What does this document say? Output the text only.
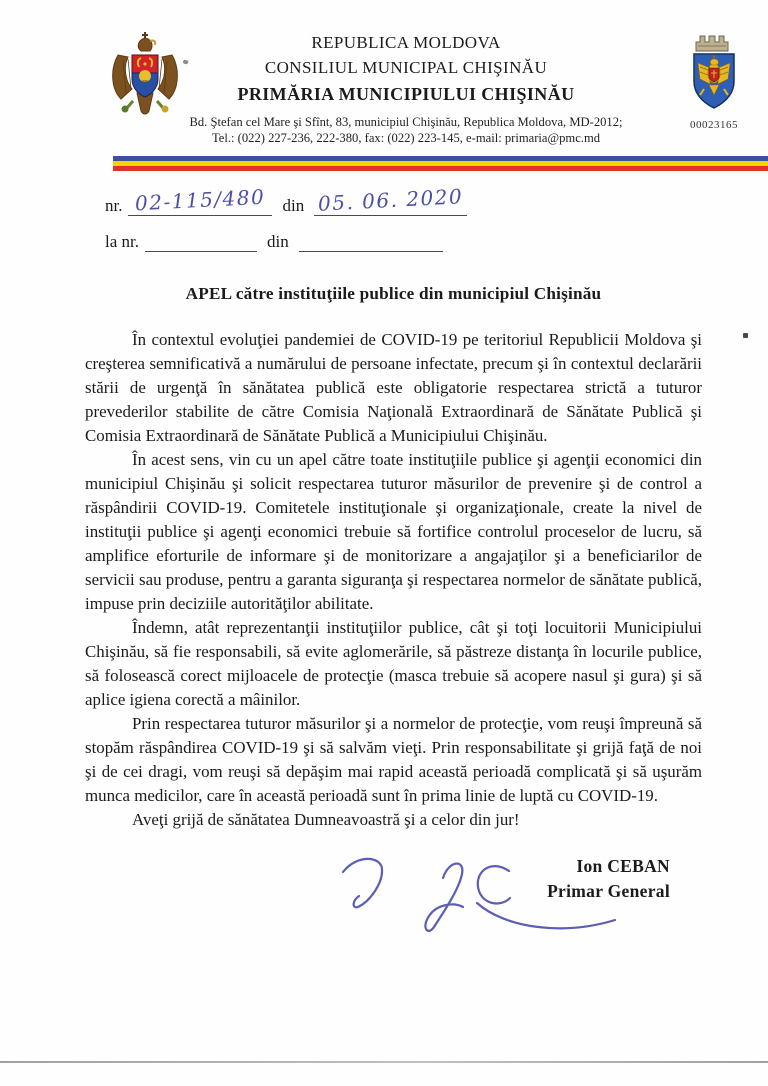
REPUBLICA MOLDOVA
CONSILIUL MUNICIPAL CHIŞINĂU
PRIMĂRIA MUNICIPIULUI CHIŞINĂU
Bd. Ştefan cel Mare şi Sfînt, 83, municipiul Chişinău, Republica Moldova, MD-2012;
Tel.: (022) 227-236, 222-380, fax: (022) 223-145, e-mail: primaria@pmc.md
00023165
nr. 02-115/480 din 05. 06. 2020
la nr.	din
APEL către instituţiile publice din municipiul Chişinău

În contextul evoluţiei pandemiei de COVID-19 pe teritoriul Republicii Moldova şi creşterea semnificativă a numărului de persoane infectate, precum şi în contextul declarării stării de urgenţă în sănătatea publică este obligatorie respectarea strictă a tuturor prevederilor stabilite de către Comisia Naţională Extraordinară de Sănătate Publică şi Comisia Extraordinară de Sănătate Publică a Municipiului Chişinău.

În acest sens, vin cu un apel către toate instituţiile publice şi agenţii economici din municipiul Chişinău şi solicit respectarea tuturor măsurilor de prevenire şi de control a răspândirii COVID-19. Comitetele instituţionale şi organizaţionale, create la nivel de instituţii publice şi agenţi economici trebuie să fortifice controlul proceselor de lucru, să amplifice eforturile de informare şi de monitorizare a angajaţilor şi a beneficiarilor de servicii sau produse, pentru a garanta siguranţa şi respectarea normelor de sănătate publică, impuse prin deciziile autorităţilor abilitate.

Îndemn, atât reprezentanţii instituţiilor publice, cât şi toţi locuitorii Municipiului Chişinău, să fie responsabili, să evite aglomerările, să păstreze distanţa în locurile publice, să folosească corect mijloacele de protecţie (masca trebuie să acopere nasul şi gura) şi să aplice igiena corectă a mâinilor.

Prin respectarea tuturor măsurilor şi a normelor de protecţie, vom reuşi împreună să stopăm răspândirea COVID-19 şi să salvăm vieţi. Prin responsabilitate şi grijă faţă de noi şi de cei dragi, vom reuşi să depăşim mai rapid această perioadă complicată şi să uşurăm munca medicilor, care în această perioadă sunt în prima linie de luptă cu COVID-19.

Aveţi grijă de sănătatea Dumneavoastră şi a celor din jur!

Ion CEBAN
Primar General
